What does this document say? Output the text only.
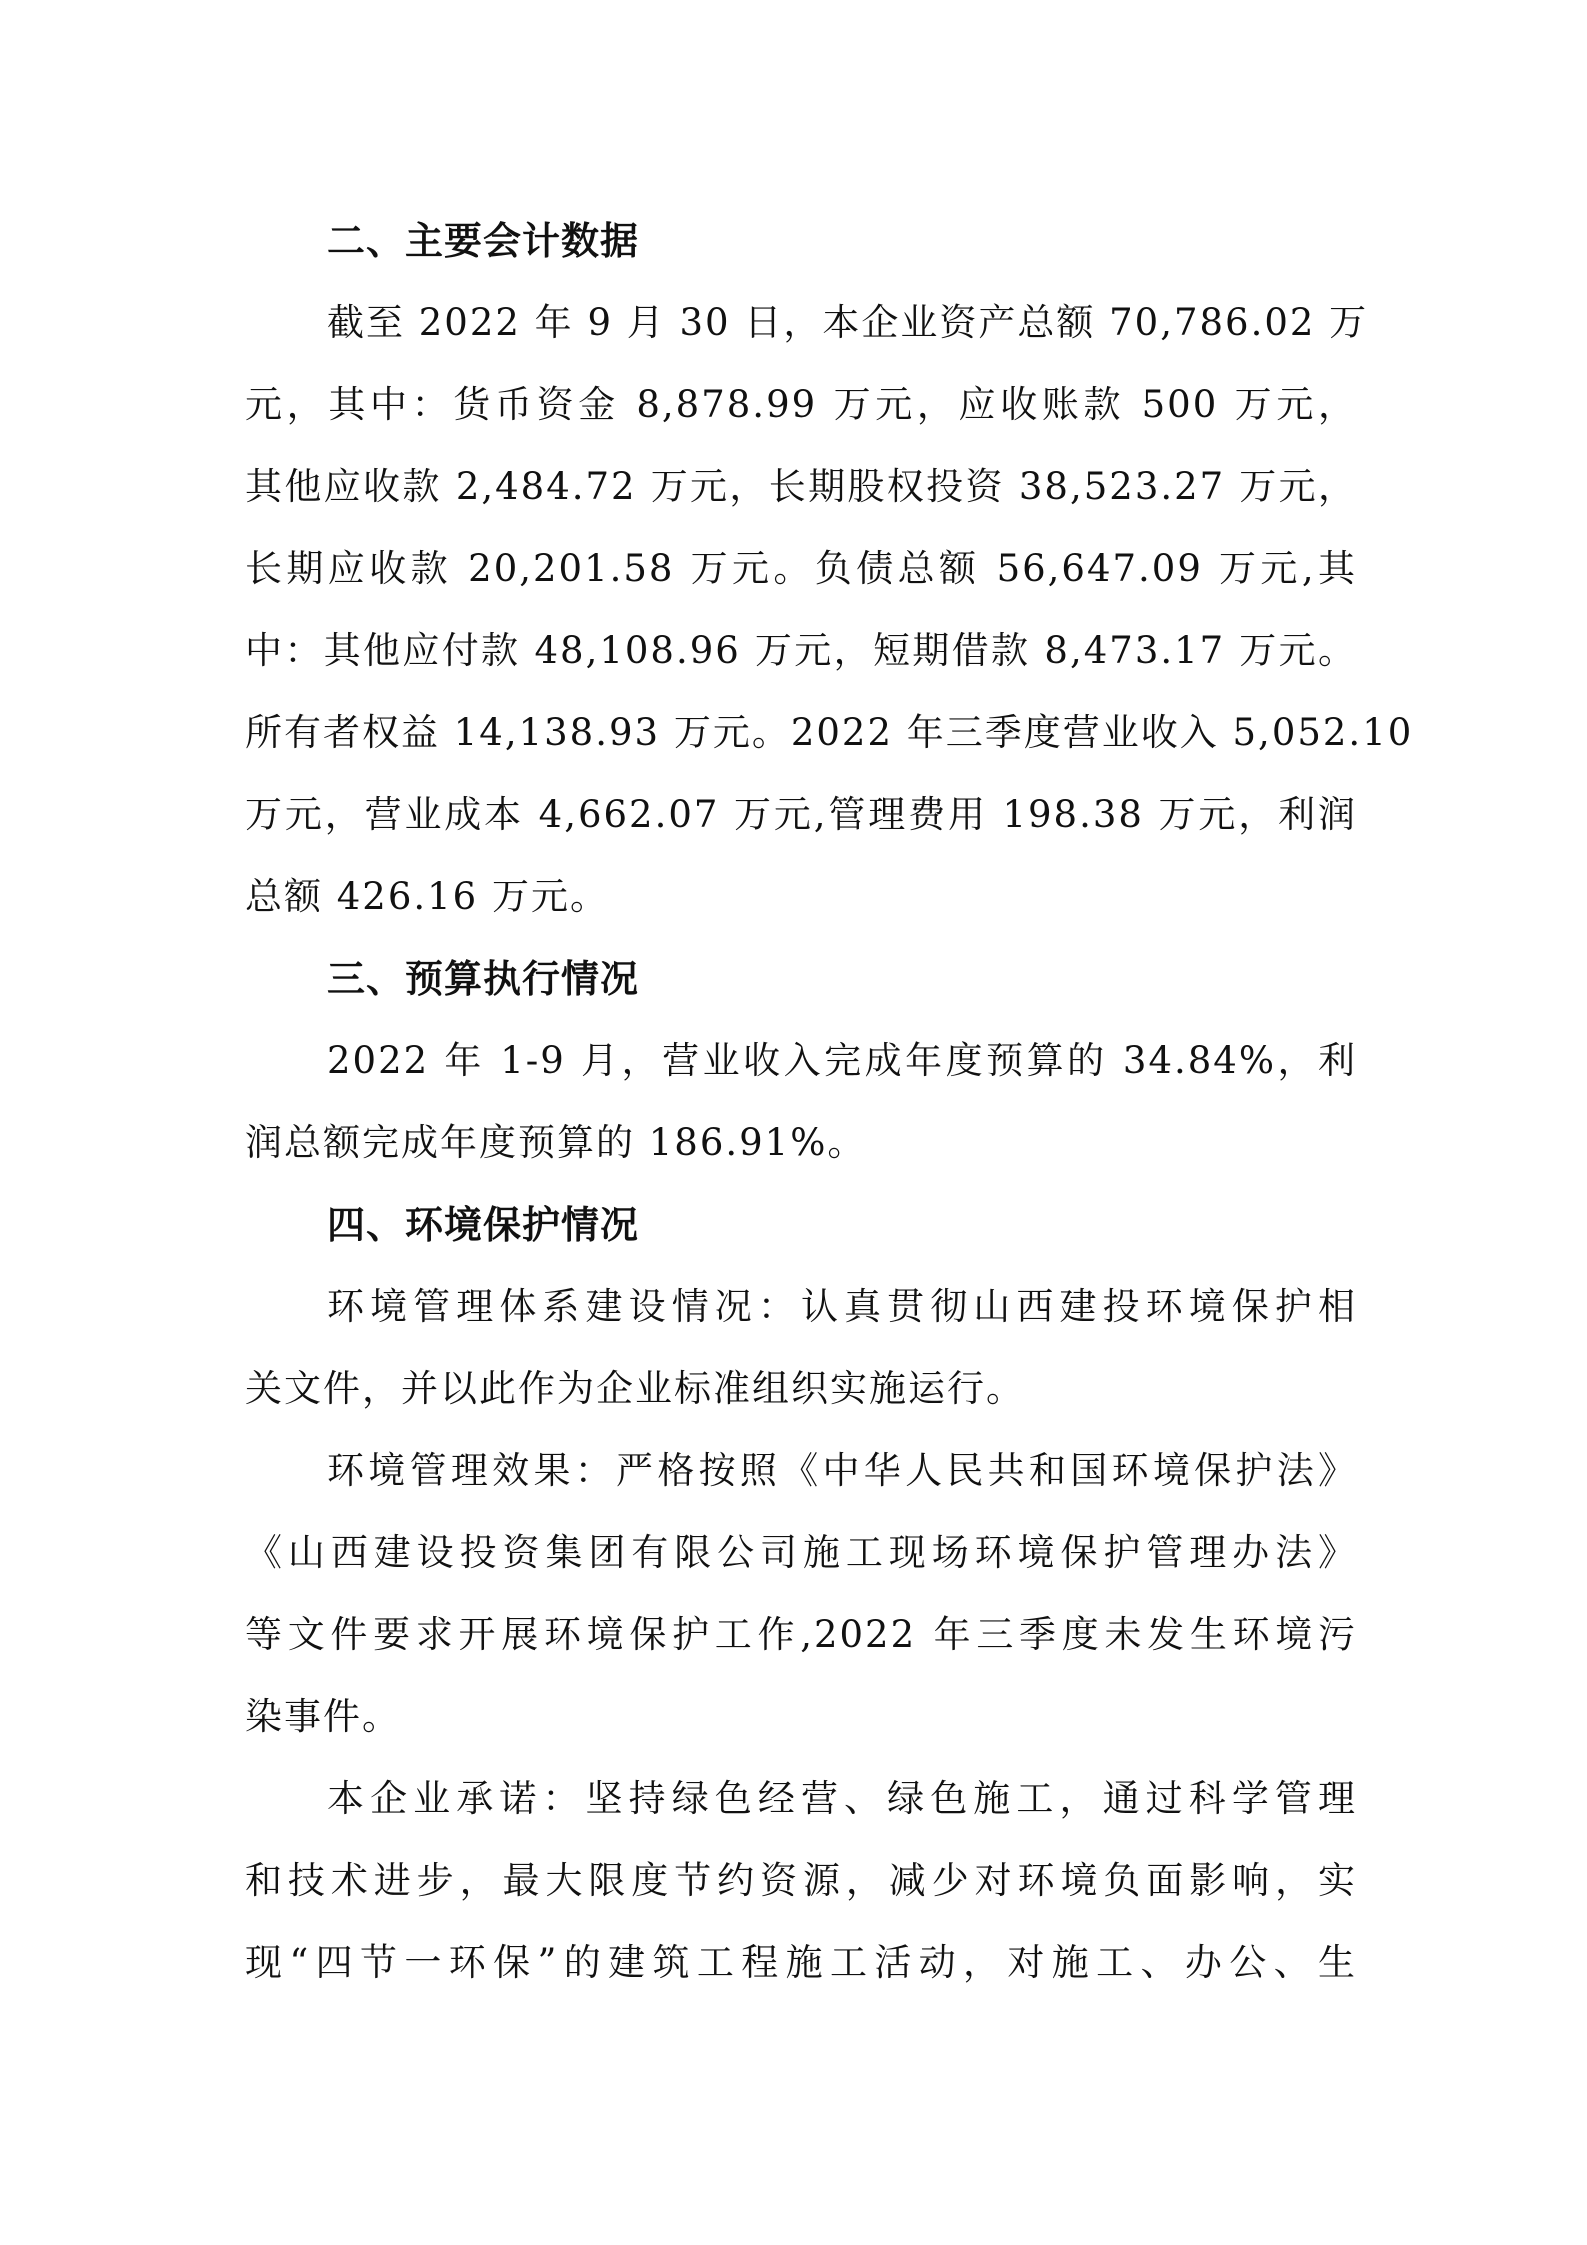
二、主要会计数据
截至 2022 年 9 月 30 日，本企业资产总额 70,786.02 万
元，其中：货币资金 8,878.99 万元，应收账款 500 万元，
其他应收款 2,484.72 万元，长期股权投资 38,523.27 万元，
长期应收款 20,201.58 万元。负债总额 56,647.09 万元,其
中：其他应付款 48,108.96 万元，短期借款 8,473.17 万元。
所有者权益 14,138.93 万元。2022 年三季度营业收入 5,052.10
万元，营业成本 4,662.07 万元,管理费用 198.38 万元，利润
总额 426.16 万元。
三、预算执行情况
2022 年 1-9 月，营业收入完成年度预算的 34.84%，利
润总额完成年度预算的 186.91%。
四、环境保护情况
环境管理体系建设情况：认真贯彻山西建投环境保护相
关文件，并以此作为企业标准组织实施运行。
环境管理效果：严格按照《中华人民共和国环境保护法》
《山西建设投资集团有限公司施工现场环境保护管理办法》
等文件要求开展环境保护工作,2022 年三季度未发生环境污
染事件。
本企业承诺：坚持绿色经营、绿色施工，通过科学管理
和技术进步，最大限度节约资源，减少对环境负面影响，实
现“四节一环保”的建筑工程施工活动，对施工、办公、生
